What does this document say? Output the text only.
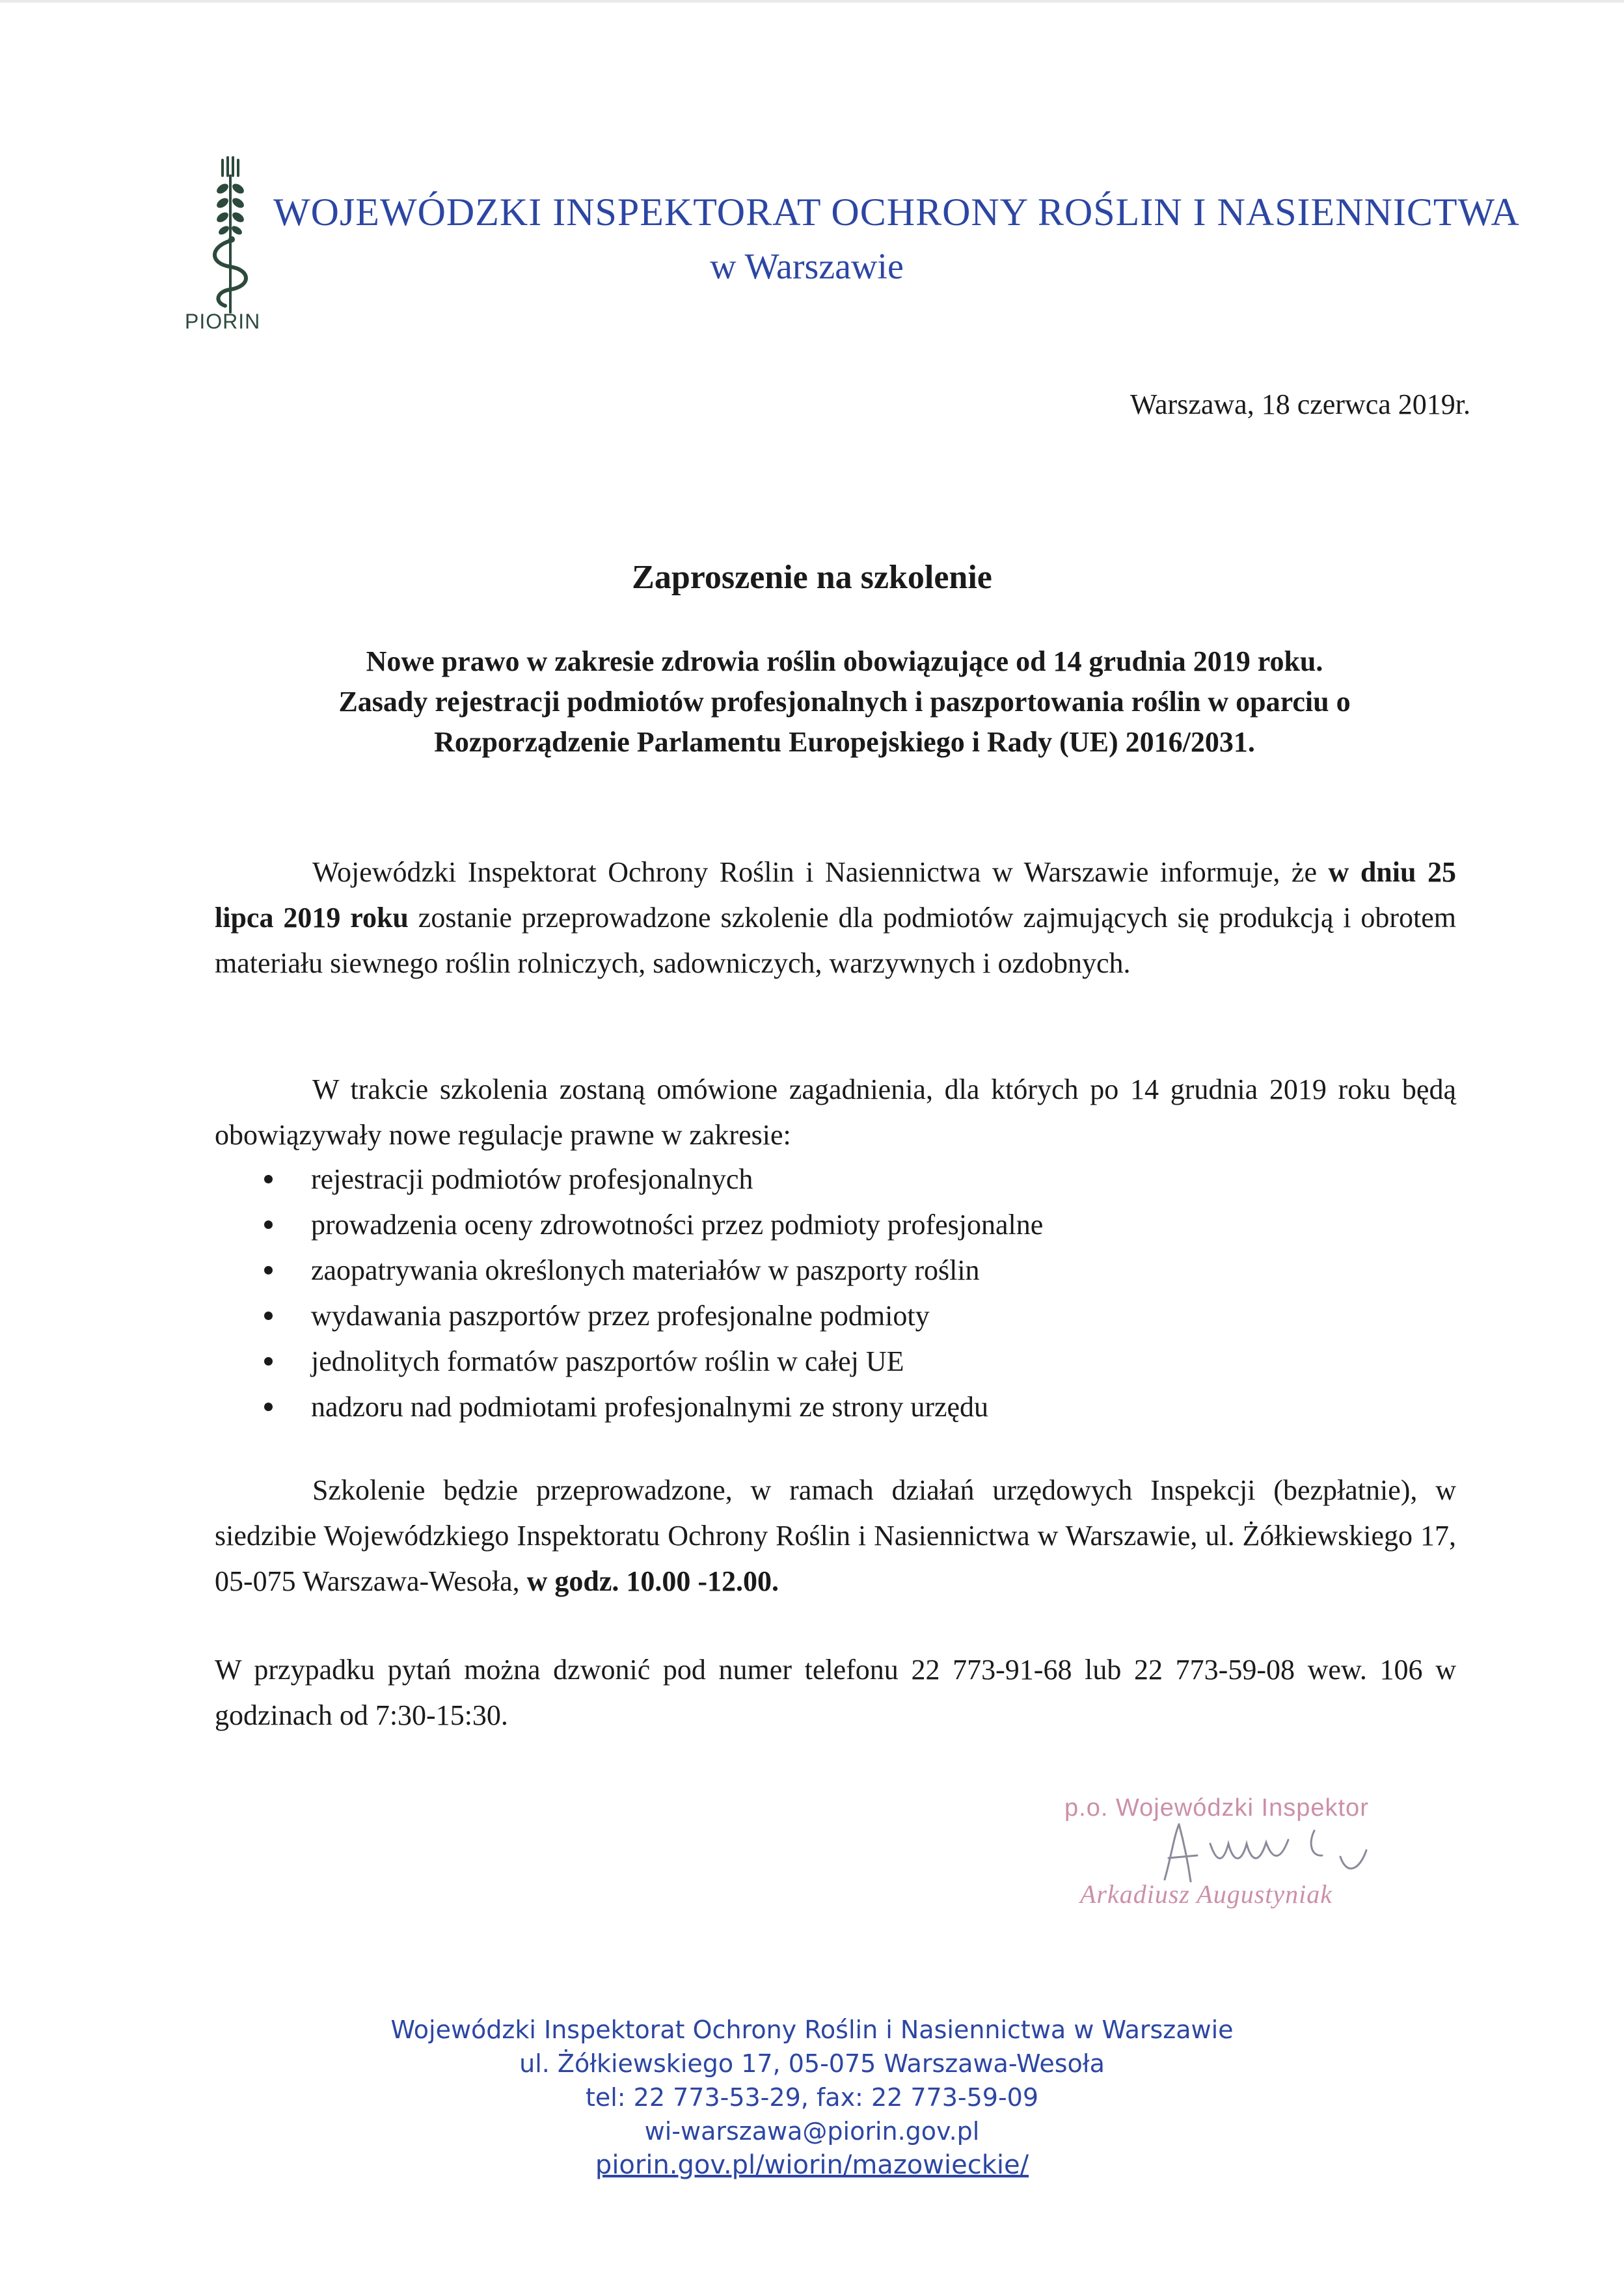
PIORIN
WOJEWÓDZKI INSPEKTORAT OCHRONY ROŚLIN I NASIENNICTWA
w Warszawie
Warszawa, 18 czerwca 2019r.
Zaproszenie na szkolenie
Nowe prawo w zakresie zdrowia roślin obowiązujące od 14 grudnia 2019 roku.
Zasady rejestracji podmiotów profesjonalnych i paszportowania roślin w oparciu o
Rozporządzenie Parlamentu Europejskiego i Rady (UE) 2016/2031.
Wojewódzki Inspektorat Ochrony Roślin i Nasiennictwa w Warszawie informuje, że w dniu 25 lipca 2019 roku zostanie przeprowadzone szkolenie dla podmiotów zajmujących się produkcją i obrotem materiału siewnego roślin rolniczych, sadowniczych, warzywnych i ozdobnych.
W trakcie szkolenia zostaną omówione zagadnienia, dla których po 14 grudnia 2019 roku będą obowiązywały nowe regulacje prawne w zakresie:
rejestracji podmiotów profesjonalnych
prowadzenia oceny zdrowotności przez podmioty profesjonalne
zaopatrywania określonych materiałów w paszporty roślin
wydawania paszportów przez profesjonalne podmioty
jednolitych formatów paszportów roślin w całej UE
nadzoru nad podmiotami profesjonalnymi ze strony urzędu
Szkolenie będzie przeprowadzone, w ramach działań urzędowych Inspekcji (bezpłatnie), w siedzibie Wojewódzkiego Inspektoratu Ochrony Roślin i Nasiennictwa w Warszawie, ul. Żółkiewskiego 17, 05-075 Warszawa-Wesoła, w godz. 10.00 -12.00.
W przypadku pytań można dzwonić pod numer telefonu 22 773-91-68 lub 22 773-59-08 wew. 106 w godzinach od 7:30-15:30.
p.o. Wojewódzki Inspektor
Arkadiusz Augustyniak
Wojewódzki Inspektorat Ochrony Roślin i Nasiennictwa w Warszawie
ul. Żółkiewskiego 17, 05-075 Warszawa-Wesoła
tel: 22 773-53-29, fax: 22 773-59-09
wi-warszawa@piorin.gov.pl
piorin.gov.pl/wiorin/mazowieckie/
